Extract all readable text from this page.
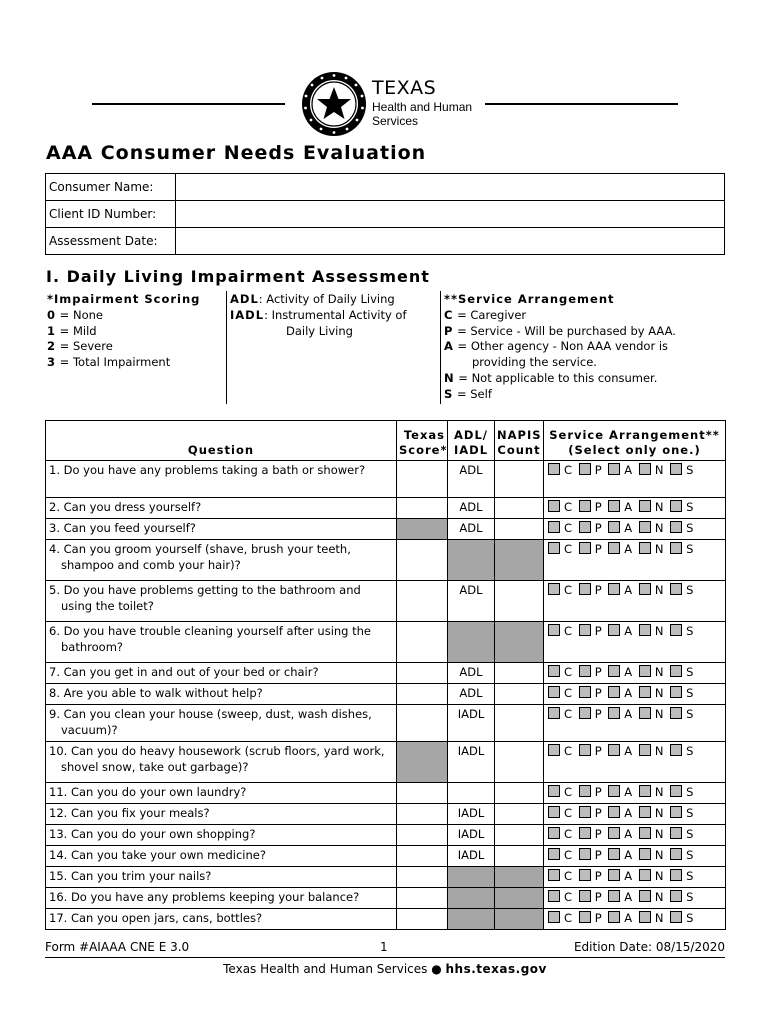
TEXAS
Health and Human
Services
AAA Consumer Needs Evaluation
Consumer Name:	
Client ID Number:	
Assessment Date:	
I. Daily Living Impairment Assessment
*Impairment Scoring
0 = None
1 = Mild
2 = Severe
3 = Total Impairment
ADL: Activity of Daily Living
IADL: Instrumental Activity of
Daily Living
**Service Arrangement
C = Caregiver
P = Service - Will be purchased by AAA.
A = Other agency - Non AAA vendor is
providing the service.
N = Not applicable to this consumer.
S = Self
Question	Texas Score*	ADL/ IADL	NAPIS Count	Service Arrangement** (Select only one.)

1. Do you have any problems taking a bath or shower?		ADL		C P A N S

2. Can you dress yourself?		ADL		C P A N S

3. Can you feed yourself?		ADL		C P A N S

4. Can you groom yourself (shave, brush your teeth, shampoo and comb your hair)?				C P A N S

5. Do you have problems getting to the bathroom and using the toilet?		ADL		C P A N S

6. Do you have trouble cleaning yourself after using the bathroom?				C P A N S

7. Can you get in and out of your bed or chair?		ADL		C P A N S

8. Are you able to walk without help?		ADL		C P A N S

9. Can you clean your house (sweep, dust, wash dishes, vacuum)?		IADL		C P A N S

10. Can you do heavy housework (scrub floors, yard work, shovel snow, take out garbage)?		IADL		C P A N S

11. Can you do your own laundry?				C P A N S

12. Can you fix your meals?		IADL		C P A N S

13. Can you do your own shopping?		IADL		C P A N S

14. Can you take your own medicine?		IADL		C P A N S

15. Can you trim your nails?				C P A N S

16. Do you have any problems keeping your balance?				C P A N S

17. Can you open jars, cans, bottles?				C P A N S
Form #AIAAA CNE E 3.0	1	Edition Date: 08/15/2020
Texas Health and Human Services ● hhs.texas.gov
